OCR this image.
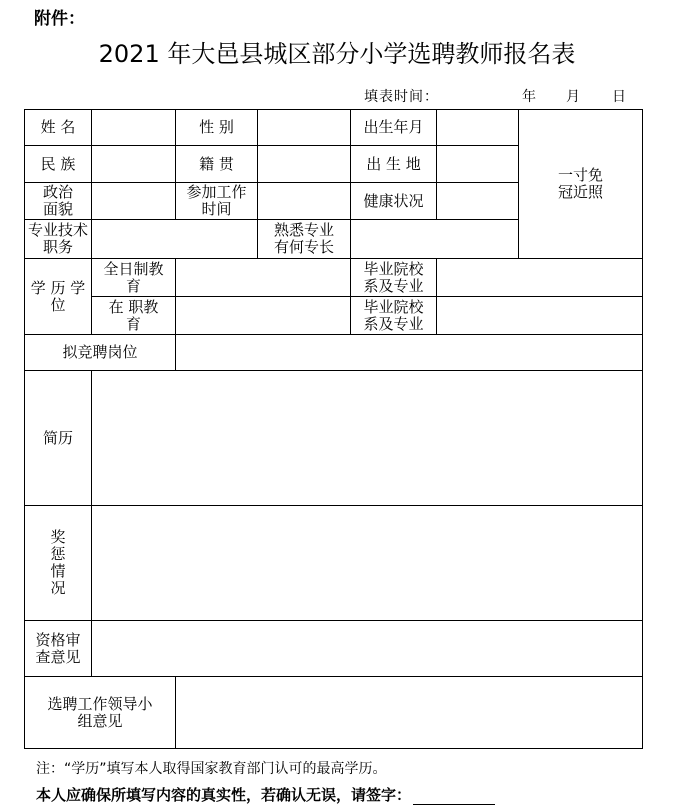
附件：
2021 年大邑县城区部分小学选聘教师报名表
填表时间：	年 月 日
姓 名		性 别		出生年月		一寸免冠近照

民 族		籍 贯		出 生 地		

政治面貌		参加工作时间		健康状况		

专业技术职务			熟悉专业有何专长			

学 历 学 位	全日制教 育			毕业院校系及专业		

	在 职教 育			毕业院校系及专业		

拟竞聘岗位						
简历						
奖惩情况						

资格审查意见						

选聘工作领导小组意见						

注：“学历”填写本人取得国家教育部门认可的最高学历。
本人应确保所填写内容的真实性，若确认无误，请签字：
